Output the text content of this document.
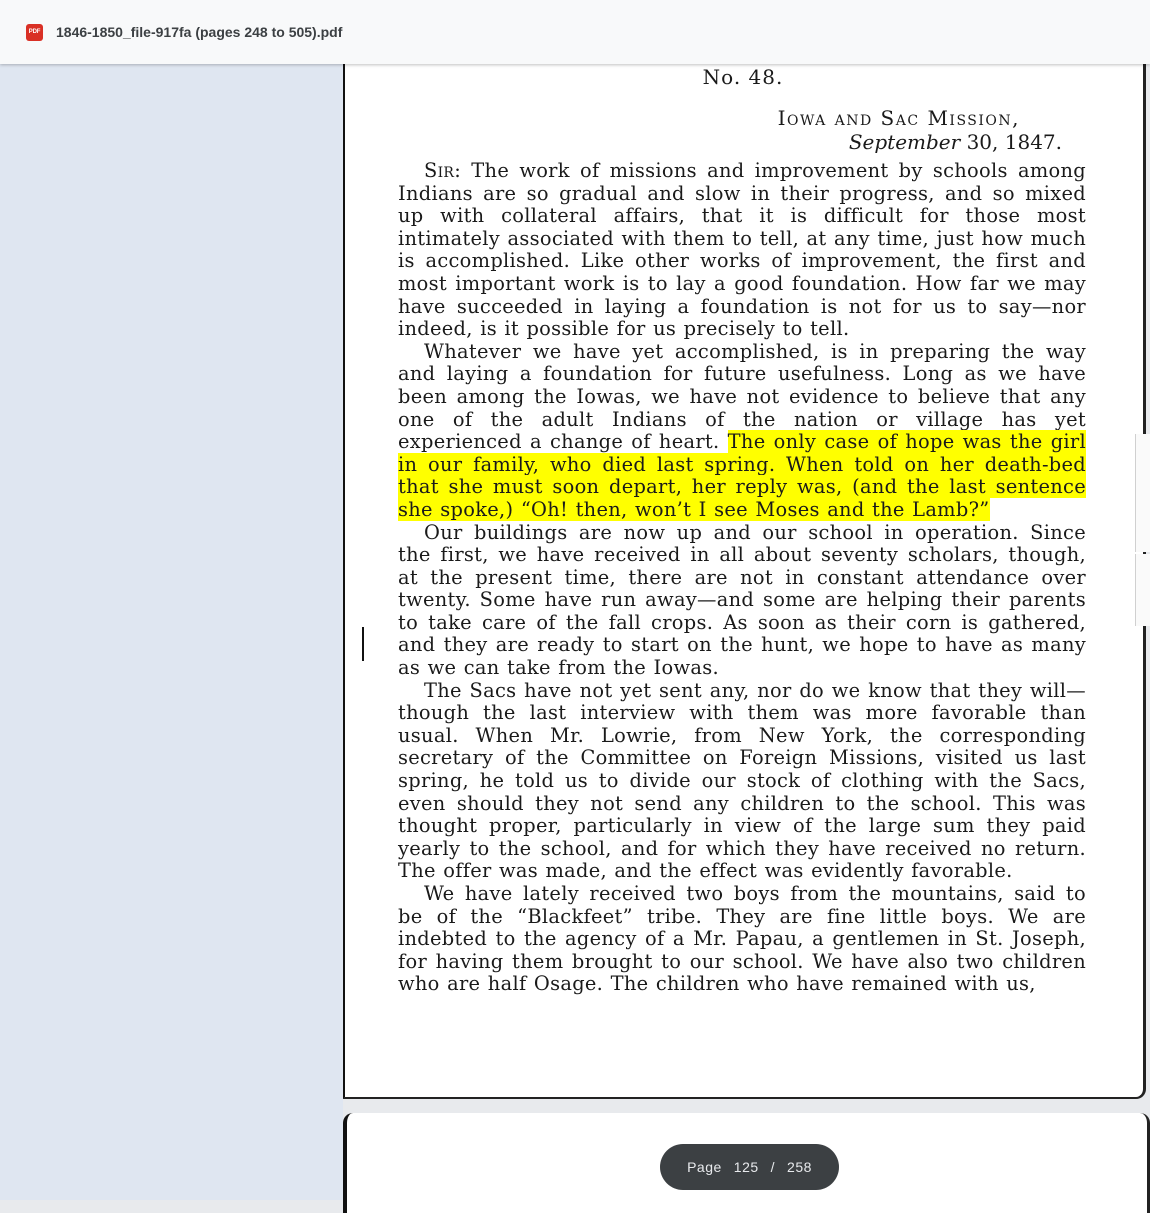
PDF 1846-1850_file-917fa (pages 248 to 505).pdf
No. 48.
Iowa and Sac Mission,
September 30, 1847.

Sir: The work of missions and improvement by schools among Indians are so gradual and slow in their progress, and so mixed up with collateral affairs, that it is difficult for those most intimately associated with them to tell, at any time, just how much is accomplished. Like other works of improvement, the first and most important work is to lay a good foundation. How far we may have succeeded in laying a foundation is not for us to say—nor indeed, is it possible for us precisely to tell.

Whatever we have yet accomplished, is in preparing the way and laying a foundation for future usefulness. Long as we have been among the Iowas, we have not evidence to believe that any one of the adult Indians of the nation or village has yet experienced a change of heart. The only case of hope was the girl in our family, who died last spring. When told on her death-bed that she must soon depart, her reply was, (and the last sentence she spoke,) “Oh! then, won’t I see Moses and the Lamb?”

Our buildings are now up and our school in operation. Since the first, we have received in all about seventy scholars, though, at the present time, there are not in constant attendance over twenty. Some have run away—and some are helping their parents to take care of the fall crops. As soon as their corn is gathered, and they are ready to start on the hunt, we hope to have as many as we can take from the Iowas.

The Sacs have not yet sent any, nor do we know that they will—though the last interview with them was more favorable than usual. When Mr. Lowrie, from New York, the corresponding secretary of the Committee on Foreign Missions, visited us last spring, he told us to divide our stock of clothing with the Sacs, even should they not send any children to the school. This was thought proper, particularly in view of the large sum they paid yearly to the school, and for which they have received no return. The offer was made, and the effect was evidently favorable.

We have lately received two boys from the mountains, said to be of the “Blackfeet” tribe. They are fine little boys. We are indebted to the agency of a Mr. Papau, a gentlemen in St. Joseph, for having them brought to our school. We have also two children who are half Osage. The children who have remained with us,

Page 125 / 258
